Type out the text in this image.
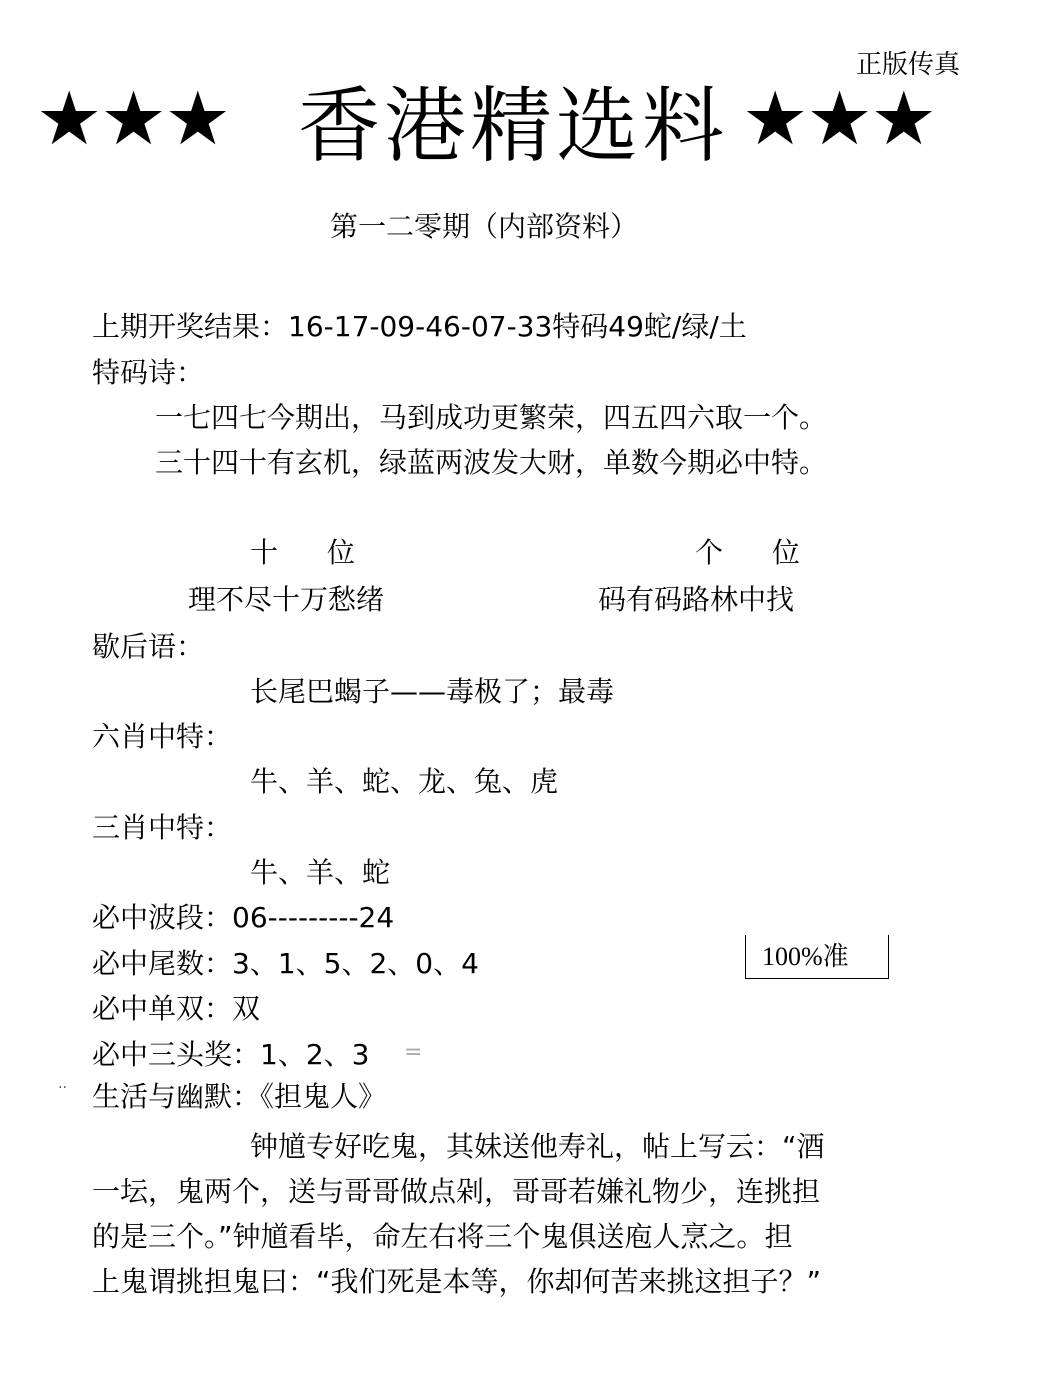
正版传真
★★★ 香港精选料 ★★★
第一二零期（内部资料）
上期开奖结果：16-17-09-46-07-33特码49蛇/绿/土
特码诗：
一七四七今期出，马到成功更繁荣，四五四六取一个。
三十四十有玄机，绿蓝两波发大财，单数今期必中特。
十 位	个 位
理不尽十万愁绪	码有码路林中找
歇后语：
长尾巴蝎子——毒极了；最毒
六肖中特：
牛、羊、蛇、龙、兔、虎
三肖中特：
牛、羊、蛇
必中波段：06---------24
必中尾数：3、1、5、2、0、4	100%准
必中单双：双
必中三头奖：1、2、3 =
·· 生活与幽默：《担鬼人》

钟馗专好吃鬼，其妹送他寿礼，帖上写云：“酒

一坛，鬼两个，送与哥哥做点剁，哥哥若嫌礼物少，连挑担

的是三个。”钟馗看毕，命左右将三个鬼俱送庖人烹之。担

上鬼谓挑担鬼曰：“我们死是本等，你却何苦来挑这担子？”
